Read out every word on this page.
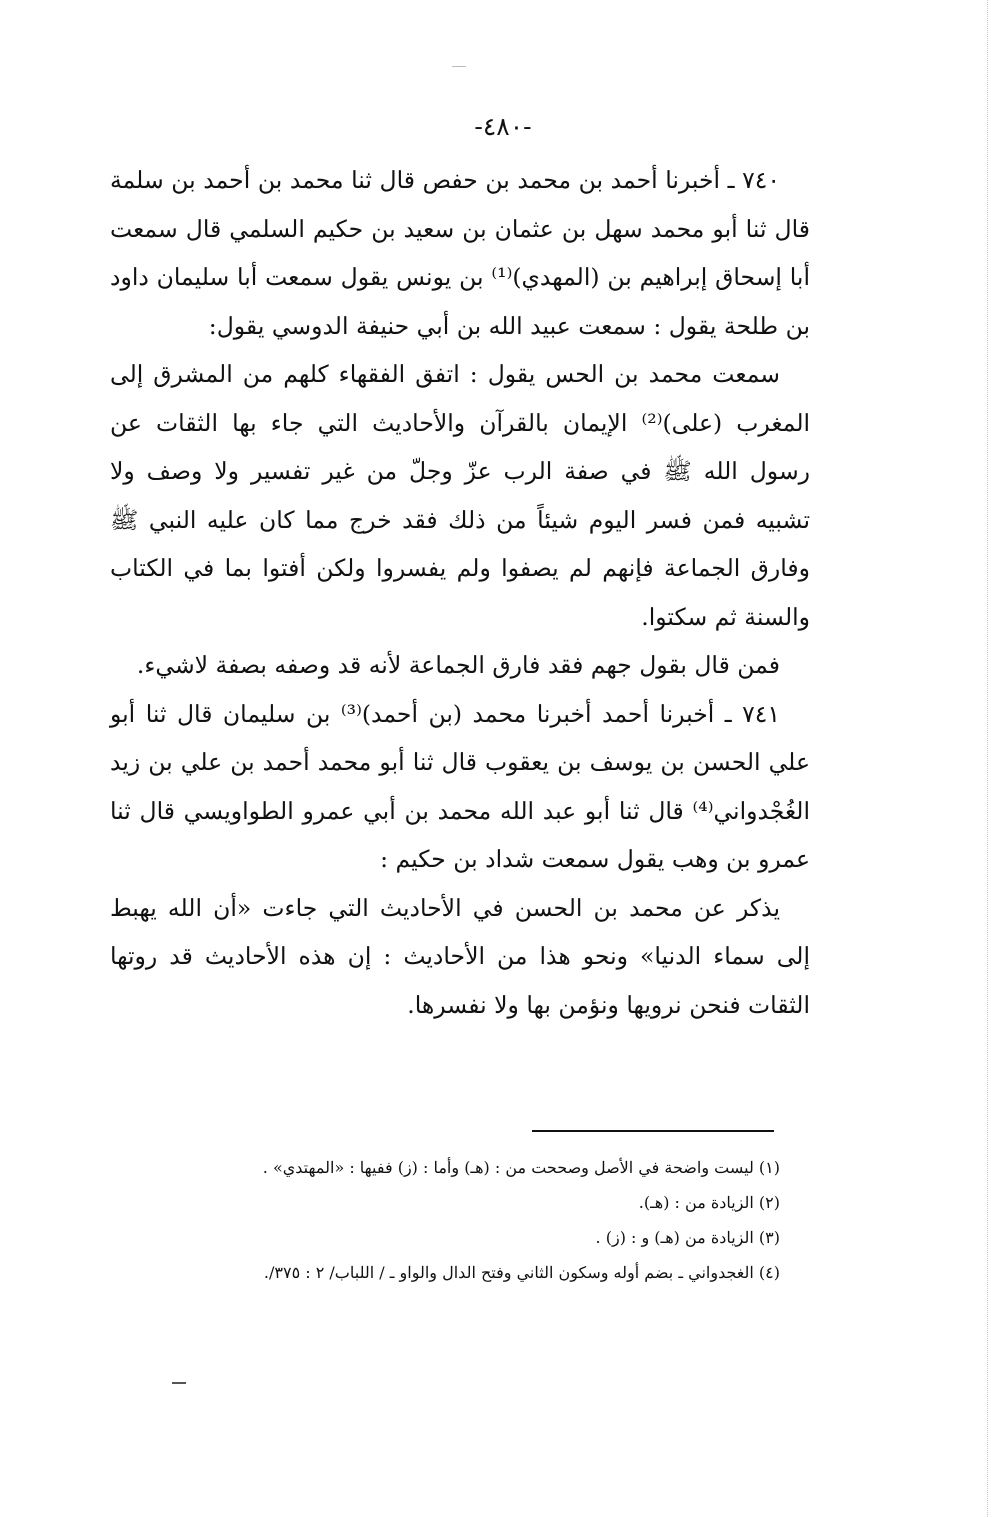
-٤٨٠-

٧٤٠ ـ أخبرنا أحمد بن محمد بن حفص قال ثنا محمد بن أحمد بن سلمة قال ثنا أبو محمد سهل بن عثمان بن سعيد بن حكيم السلمي قال سمعت أبا إسحاق إبراهيم بن (المهدي)⁽¹⁾ بن يونس يقول سمعت أبا سليمان داود بن طلحة يقول : سمعت عبيد الله بن أبي حنيفة الدوسي يقول:

سمعت محمد بن الحس يقول : اتفق الفقهاء كلهم من المشرق إلى المغرب (على)⁽²⁾ الإيمان بالقرآن والأحاديث التي جاء بها الثقات عن رسول الله ﷺ في صفة الرب عزّ وجلّ من غير تفسير ولا وصف ولا تشبيه فمن فسر اليوم شيئاً من ذلك فقد خرج مما كان عليه النبي ﷺ وفارق الجماعة فإنهم لم يصفوا ولم يفسروا ولكن أفتوا بما في الكتاب والسنة ثم سكتوا.

فمن قال بقول جهم فقد فارق الجماعة لأنه قد وصفه بصفة لاشيء.

٧٤١ ـ أخبرنا أحمد أخبرنا محمد (بن أحمد)⁽³⁾ بن سليمان قال ثنا أبو علي الحسن بن يوسف بن يعقوب قال ثنا أبو محمد أحمد بن علي بن زيد الغُجْدواني⁽⁴⁾ قال ثنا أبو عبد الله محمد بن أبي عمرو الطواويسي قال ثنا عمرو بن وهب يقول سمعت شداد بن حكيم :

يذكر عن محمد بن الحسن في الأحاديث التي جاءت «أن الله يهبط إلى سماء الدنيا» ونحو هذا من الأحاديث : إن هذه الأحاديث قد روتها الثقات فنحن نرويها ونؤمن بها ولا نفسرها.

(١) ليست واضحة في الأصل وصححت من : (هـ) وأما : (ز) ففيها : «المهتدي» .
(٢) الزيادة من : (هـ).
(٣) الزيادة من (هـ) و : (ز) .
(٤) الغجدواني ـ بضم أوله وسكون الثاني وفتح الدال والواو ـ / اللباب/ ٢ : ٣٧٥/.
